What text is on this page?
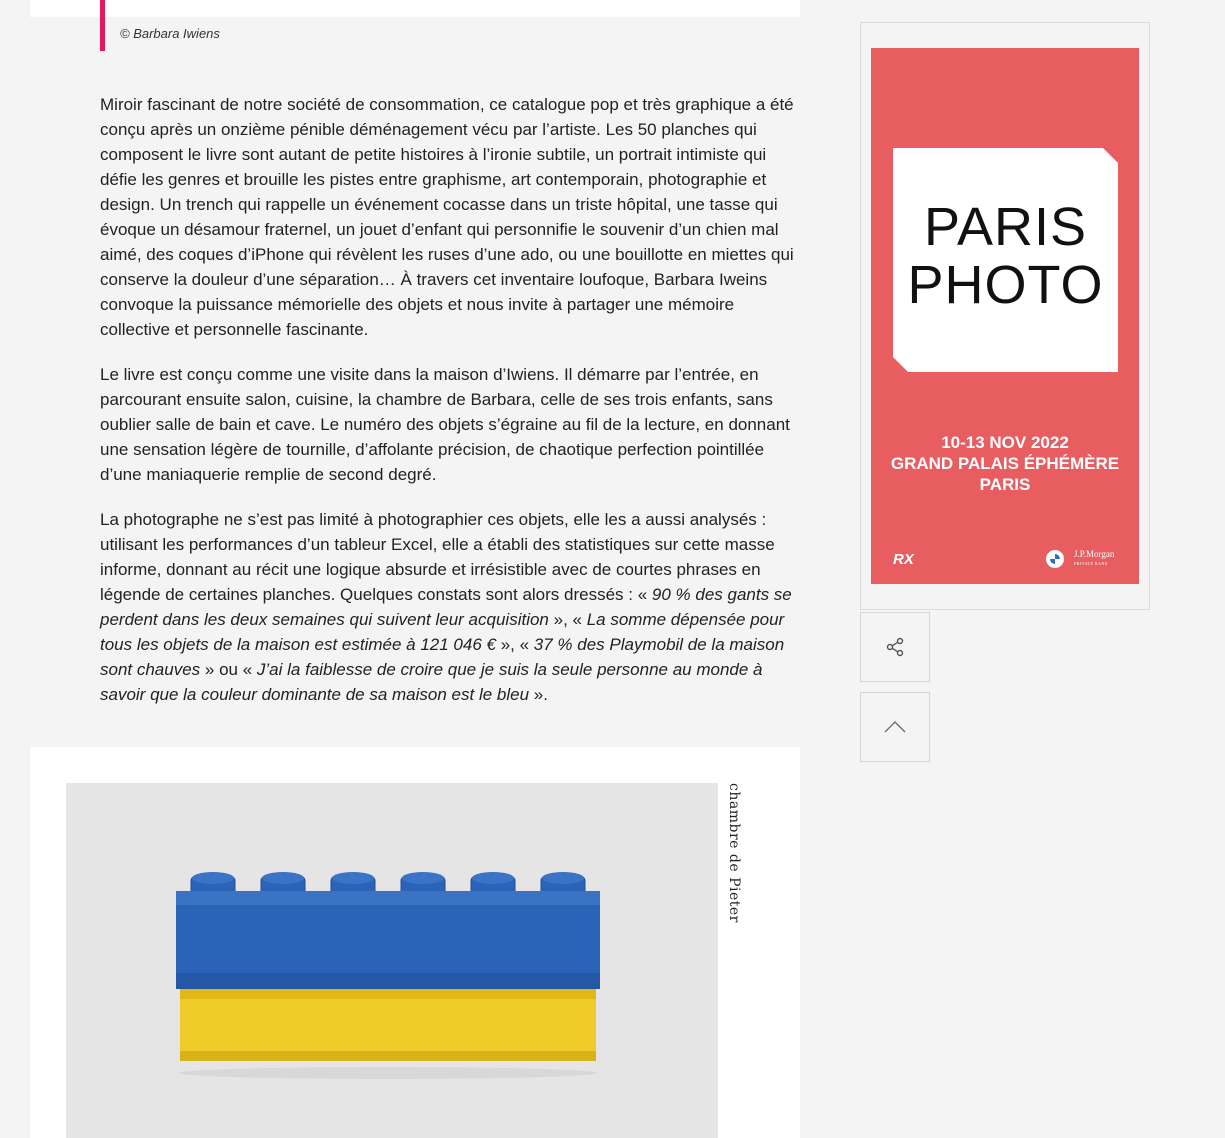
© Barbara Iwiens

Miroir fascinant de notre société de consommation, ce catalogue pop et très graphique a été conçu après un onzième pénible déménagement vécu par l’artiste. Les 50 planches qui composent le livre sont autant de petite histoires à l’ironie subtile, un portrait intimiste qui défie les genres et brouille les pistes entre graphisme, art contemporain, photographie et design. Un trench qui rappelle un événement cocasse dans un triste hôpital, une tasse qui évoque un désamour fraternel, un jouet d’enfant qui personnifie le souvenir d’un chien mal aimé, des coques d’iPhone qui révèlent les ruses d’une ado, ou une bouillotte en miettes qui conserve la douleur d’une séparation… À travers cet inventaire loufoque, Barbara Iweins convoque la puissance mémorielle des objets et nous invite à partager une mémoire collective et personnelle fascinante.

Le livre est conçu comme une visite dans la maison d’Iwiens. Il démarre par l’entrée, en parcourant ensuite salon, cuisine, la chambre de Barbara, celle de ses trois enfants, sans oublier salle de bain et cave. Le numéro des objets s’égraine au fil de la lecture, en donnant une sensation légère de tournille, d’affolante précision, de chaotique perfection pointillée d’une maniaquerie remplie de second degré.

La photographe ne s’est pas limité à photographier ces objets, elle les a aussi analysés : utilisant les performances d’un tableur Excel, elle a établi des statistiques sur cette masse informe, donnant au récit une logique absurde et irrésistible avec de courtes phrases en légende de certaines planches. Quelques constats sont alors dressés : « 90 % des gants se perdent dans les deux semaines qui suivent leur acquisition », « La somme dépensée pour tous les objets de la maison est estimée à 121 046 € », « 37 % des Playmobil de la maison sont chauves » ou « J’ai la faiblesse de croire que je suis la seule personne au monde à savoir que la couleur dominante de sa maison est le bleu ».

chambre de Pieter
PARIS
PHOTO
10-13 NOV 2022
GRAND PALAIS ÉPHÉMÈRE
PARIS
RX	J.P.Morgan
PRIVATE BANK
